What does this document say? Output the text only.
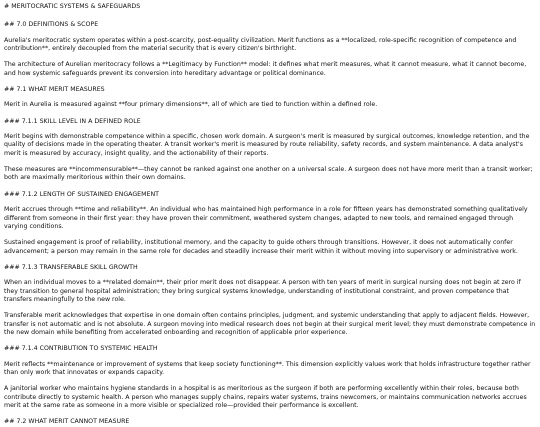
# MERITOCRATIC SYSTEMS & SAFEGUARDS

## 7.0 DEFINITIONS & SCOPE

Aurelia's meritocratic system operates within a post-scarcity, post-equality civilization. Merit functions as a **localized, role-specific recognition of competence and contribution**, entirely decoupled from the material security that is every citizen's birthright.

The architecture of Aurelian meritocracy follows a **Legitimacy by Function** model: it defines what merit measures, what it cannot measure, what it cannot become, and how systemic safeguards prevent its conversion into hereditary advantage or political dominance.

## 7.1 WHAT MERIT MEASURES

Merit in Aurelia is measured against **four primary dimensions**, all of which are tied to function within a defined role.

### 7.1.1 SKILL LEVEL IN A DEFINED ROLE

Merit begins with demonstrable competence within a specific, chosen work domain. A surgeon's merit is measured by surgical outcomes, knowledge retention, and the quality of decisions made in the operating theater. A transit worker's merit is measured by route reliability, safety records, and system maintenance. A data analyst's merit is measured by accuracy, insight quality, and the actionability of their reports.

These measures are **incommensurable**—they cannot be ranked against one another on a universal scale. A surgeon does not have more merit than a transit worker; both are maximally meritorious within their own domains.

### 7.1.2 LENGTH OF SUSTAINED ENGAGEMENT

Merit accrues through **time and reliability**. An individual who has maintained high performance in a role for fifteen years has demonstrated something qualitatively different from someone in their first year: they have proven their commitment, weathered system changes, adapted to new tools, and remained engaged through varying conditions.

Sustained engagement is proof of reliability, institutional memory, and the capacity to guide others through transitions. However, it does not automatically confer advancement; a person may remain in the same role for decades and steadily increase their merit within it without moving into supervisory or administrative work.

### 7.1.3 TRANSFERABLE SKILL GROWTH

When an individual moves to a **related domain**, their prior merit does not disappear. A person with ten years of merit in surgical nursing does not begin at zero if they transition to general hospital administration; they bring surgical systems knowledge, understanding of institutional constraint, and proven competence that transfers meaningfully to the new role.

Transferable merit acknowledges that expertise in one domain often contains principles, judgment, and systemic understanding that apply to adjacent fields. However, transfer is not automatic and is not absolute. A surgeon moving into medical research does not begin at their surgical merit level; they must demonstrate competence in the new domain while benefiting from accelerated onboarding and recognition of applicable prior experience.

### 7.1.4 CONTRIBUTION TO SYSTEMIC HEALTH

Merit reflects **maintenance or improvement of systems that keep society functioning**. This dimension explicitly values work that holds infrastructure together rather than only work that innovates or expands capacity.

A janitorial worker who maintains hygiene standards in a hospital is as meritorious as the surgeon if both are performing excellently within their roles, because both contribute directly to systemic health. A person who manages supply chains, repairs water systems, trains newcomers, or maintains communication networks accrues merit at the same rate as someone in a more visible or specialized role—provided their performance is excellent.

## 7.2 WHAT MERIT CANNOT MEASURE
